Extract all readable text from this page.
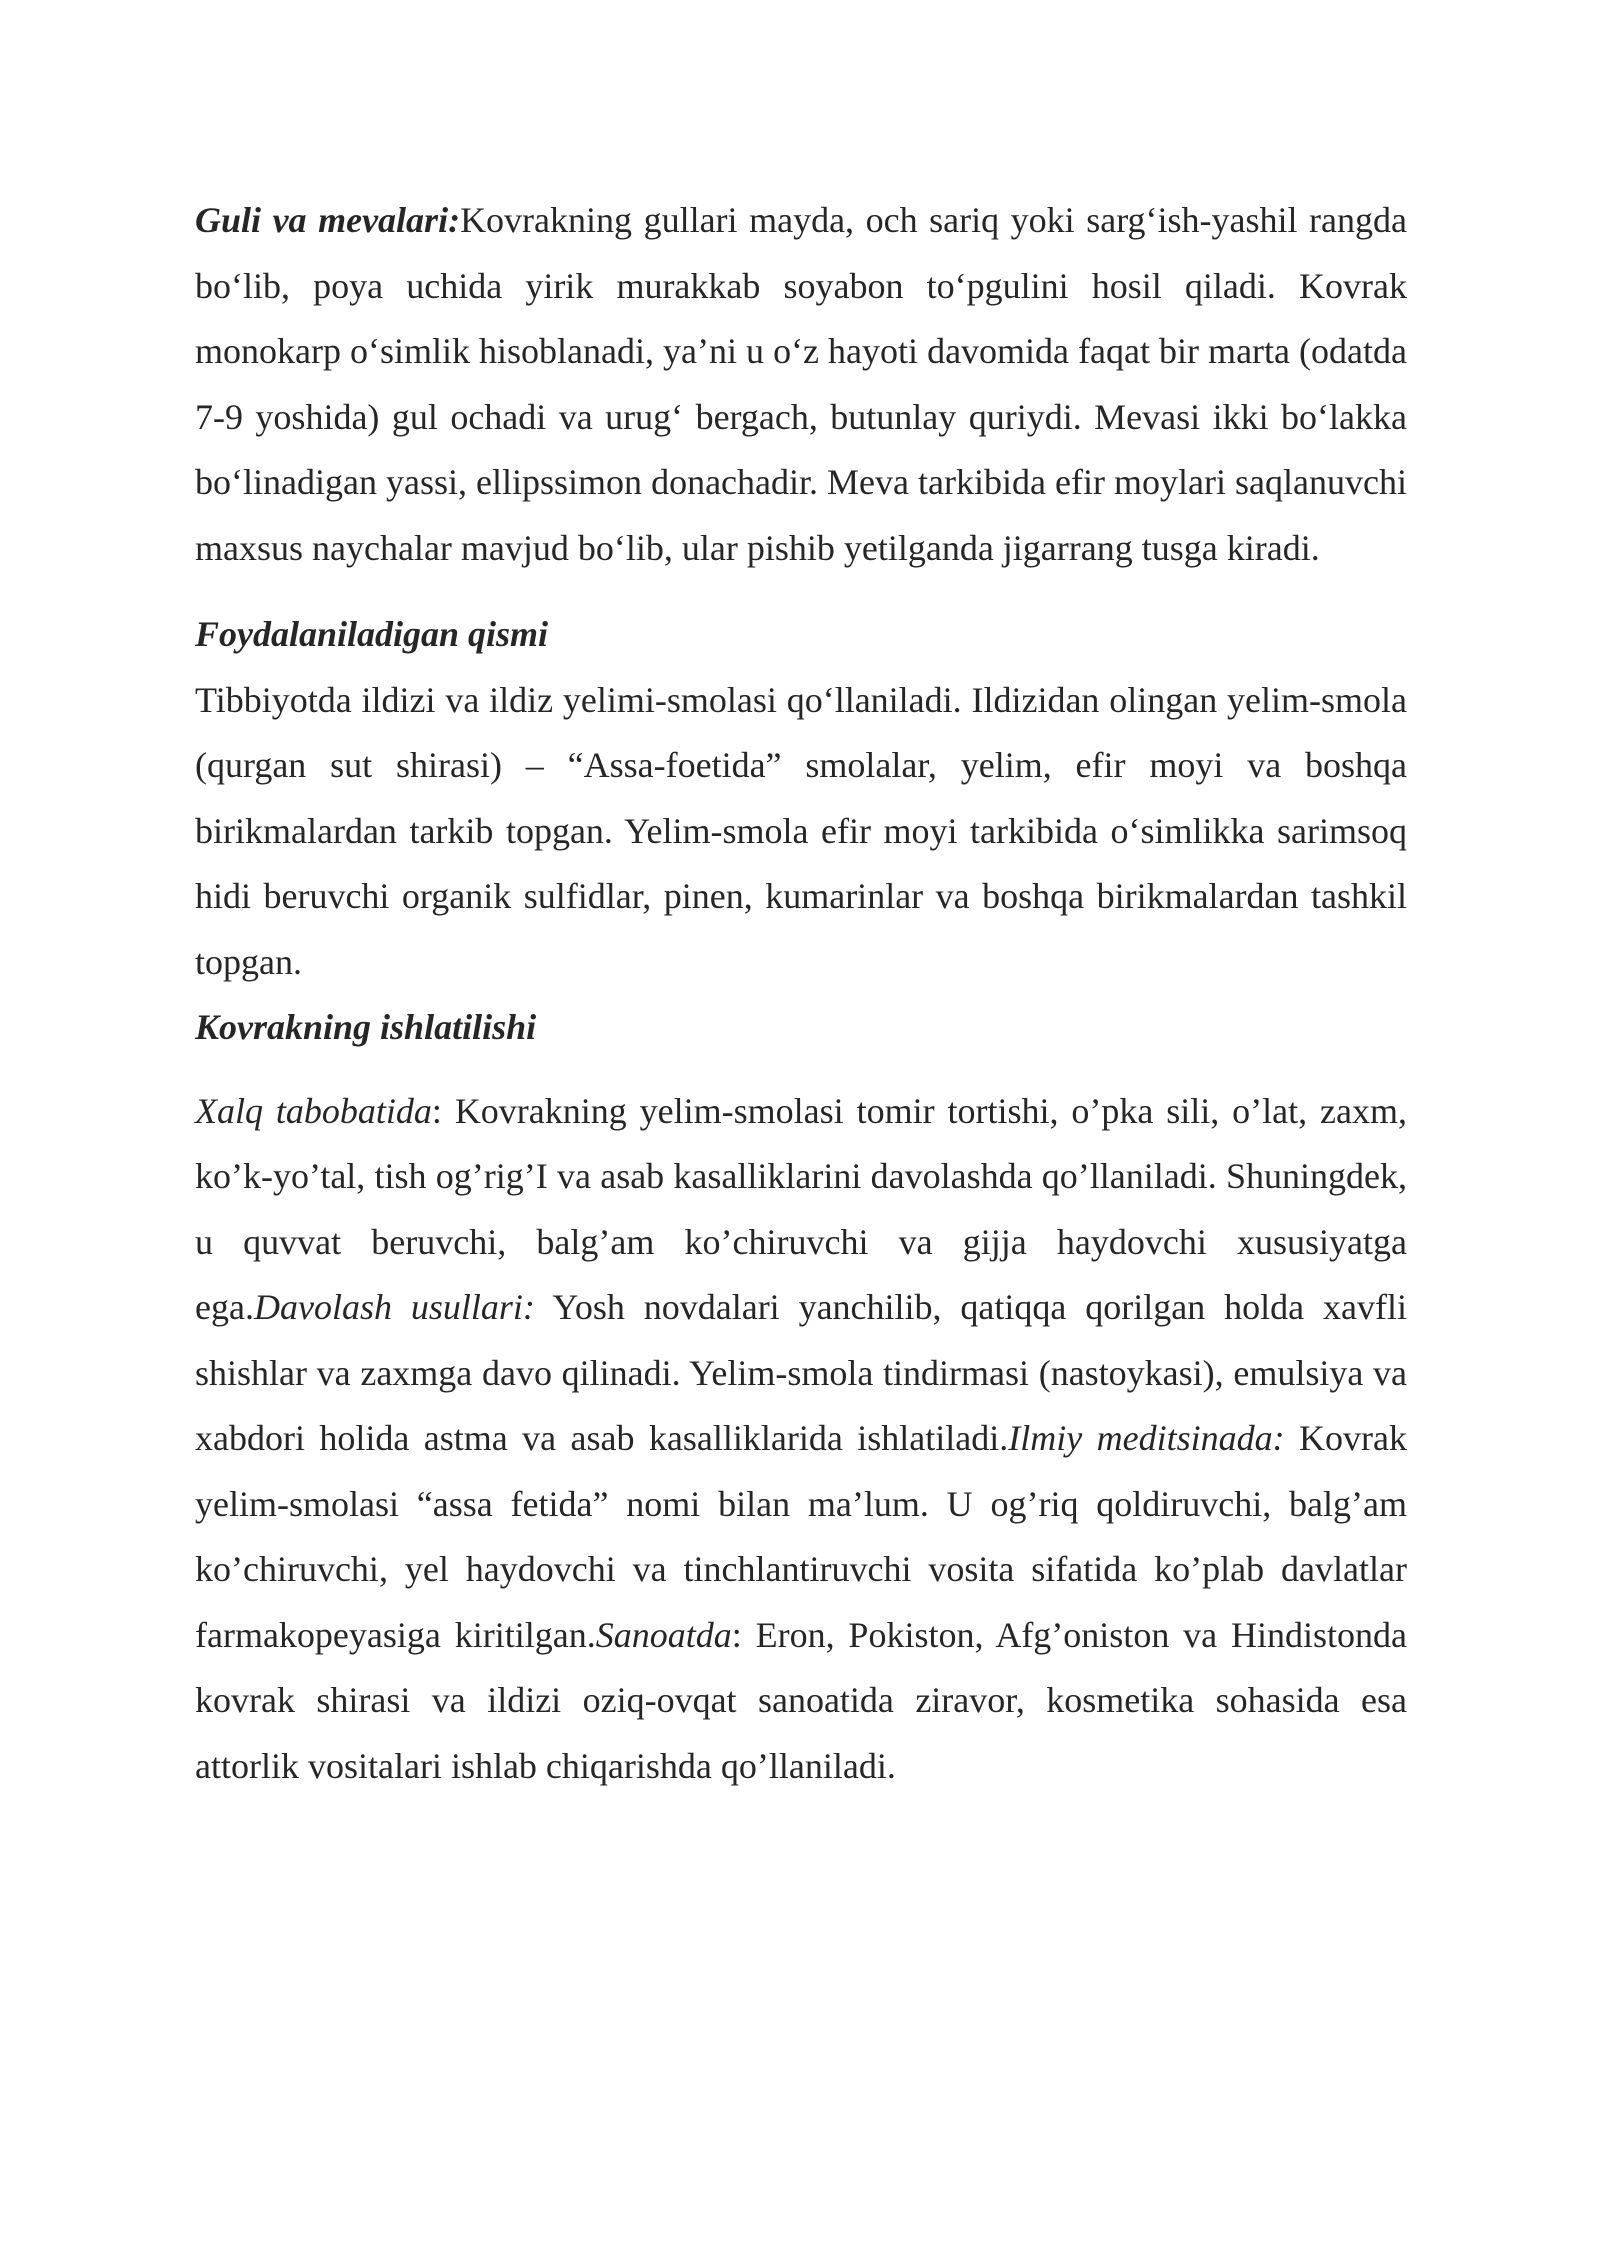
Guli va mevalari:Kovrakning gullari mayda, och sariq yoki sarg‘ish-yashil rangda bo‘lib, poya uchida yirik murakkab soyabon to‘pgulini hosil qiladi. Kovrak monokarp o‘simlik hisoblanadi, ya’ni u o‘z hayoti davomida faqat bir marta (odatda 7-9 yoshida) gul ochadi va urug‘ bergach, butunlay quriydi. Mevasi ikki bo‘lakka bo‘linadigan yassi, ellipssimon donachadir. Meva tarkibida efir moylari saqlanuvchi maxsus naychalar mavjud bo‘lib, ular pishib yetilganda jigarrang tusga kiradi.

Foydalaniladigan qismi

Tibbiyotda ildizi va ildiz yelimi-smolasi qo‘llaniladi. Ildizidan olingan yelim-smola (qurgan sut shirasi) – “Assa-foetida” smolalar, yelim, efir moyi va boshqa birikmalardan tarkib topgan. Yelim-smola efir moyi tarkibida o‘simlikka sarimsoq hidi beruvchi organik sulfidlar, pinen, kumarinlar va boshqa birikmalardan tashkil topgan.

Kovrakning ishlatilishi

Xalq tabobatida: Kovrakning yelim-smolasi tomir tortishi, o’pka sili, o’lat, zaxm, ko’k-yo’tal, tish og’rig’I va asab kasalliklarini davolashda qo’llaniladi. Shuningdek, u quvvat beruvchi, balg’am ko’chiruvchi va gijja haydovchi xususiyatga ega.Davolash usullari: Yosh novdalari yanchilib, qatiqqa qorilgan holda xavfli shishlar va zaxmga davo qilinadi. Yelim-smola tindirmasi (nastoykasi), emulsiya va xabdori holida astma va asab kasalliklarida ishlatiladi.Ilmiy meditsinada: Kovrak yelim-smolasi “assa fetida” nomi bilan ma’lum. U og’riq qoldiruvchi, balg’am ko’chiruvchi, yel haydovchi va tinchlantiruvchi vosita sifatida ko’plab davlatlar farmakopeyasiga kiritilgan.Sanoatda: Eron, Pokiston, Afg’oniston va Hindistonda kovrak shirasi va ildizi oziq-ovqat sanoatida ziravor, kosmetika sohasida esa attorlik vositalari ishlab chiqarishda qo’llaniladi.
